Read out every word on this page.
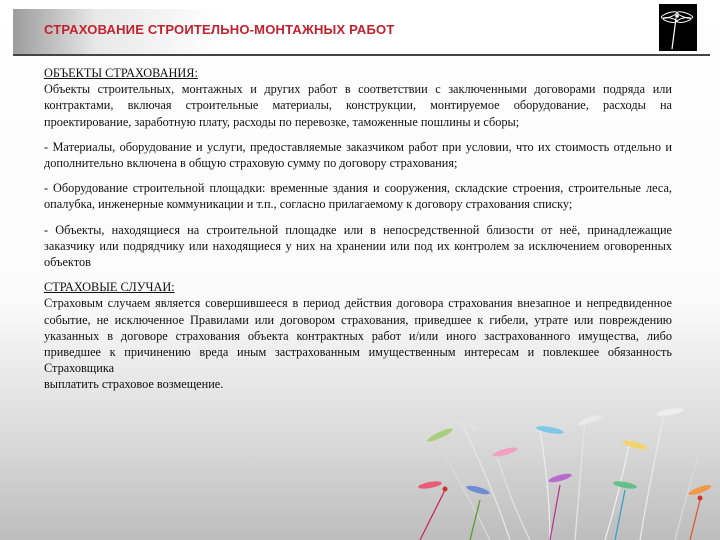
СТРАХОВАНИЕ СТРОИТЕЛЬНО-МОНТАЖНЫХ РАБОТ

ОБЪЕКТЫ СТРАХОВАНИЯ:

Объекты строительных, монтажных и других работ в соответствии с заключенными договорами подряда или контрактами, включая строительные материалы, конструкции, монтируемое оборудование, расходы на проектирование, заработную плату, расходы по перевозке, таможенные пошлины и сборы;

- Материалы, оборудование и услуги, предоставляемые заказчиком работ при условии, что их стоимость отдельно и дополнительно включена в общую страховую сумму по договору страхования;

- Оборудование строительной площадки: временные здания и сооружения, складские строения, строительные леса, опалубка, инженерные коммуникации и т.п., согласно прилагаемому к договору страхования списку;

- Объекты, находящиеся на строительной площадке или в непосредственной близости от неё, принадлежащие заказчику или подрядчику или находящиеся у них на хранении или под их контролем за исключением оговоренных объектов

СТРАХОВЫЕ СЛУЧАИ:

Страховым случаем является совершившееся в период действия договора страхования внезапное и непредвиденное событие, не исключенное Правилами или договором страхования, приведшее к гибели, утрате или повреждению указанных в договоре страхования объекта контрактных работ и/или иного застрахованного имущества, либо приведшее к причинению вреда иным застрахованным имущественным интересам и повлекшее обязанность Страховщика

выплатить страховое возмещение.
